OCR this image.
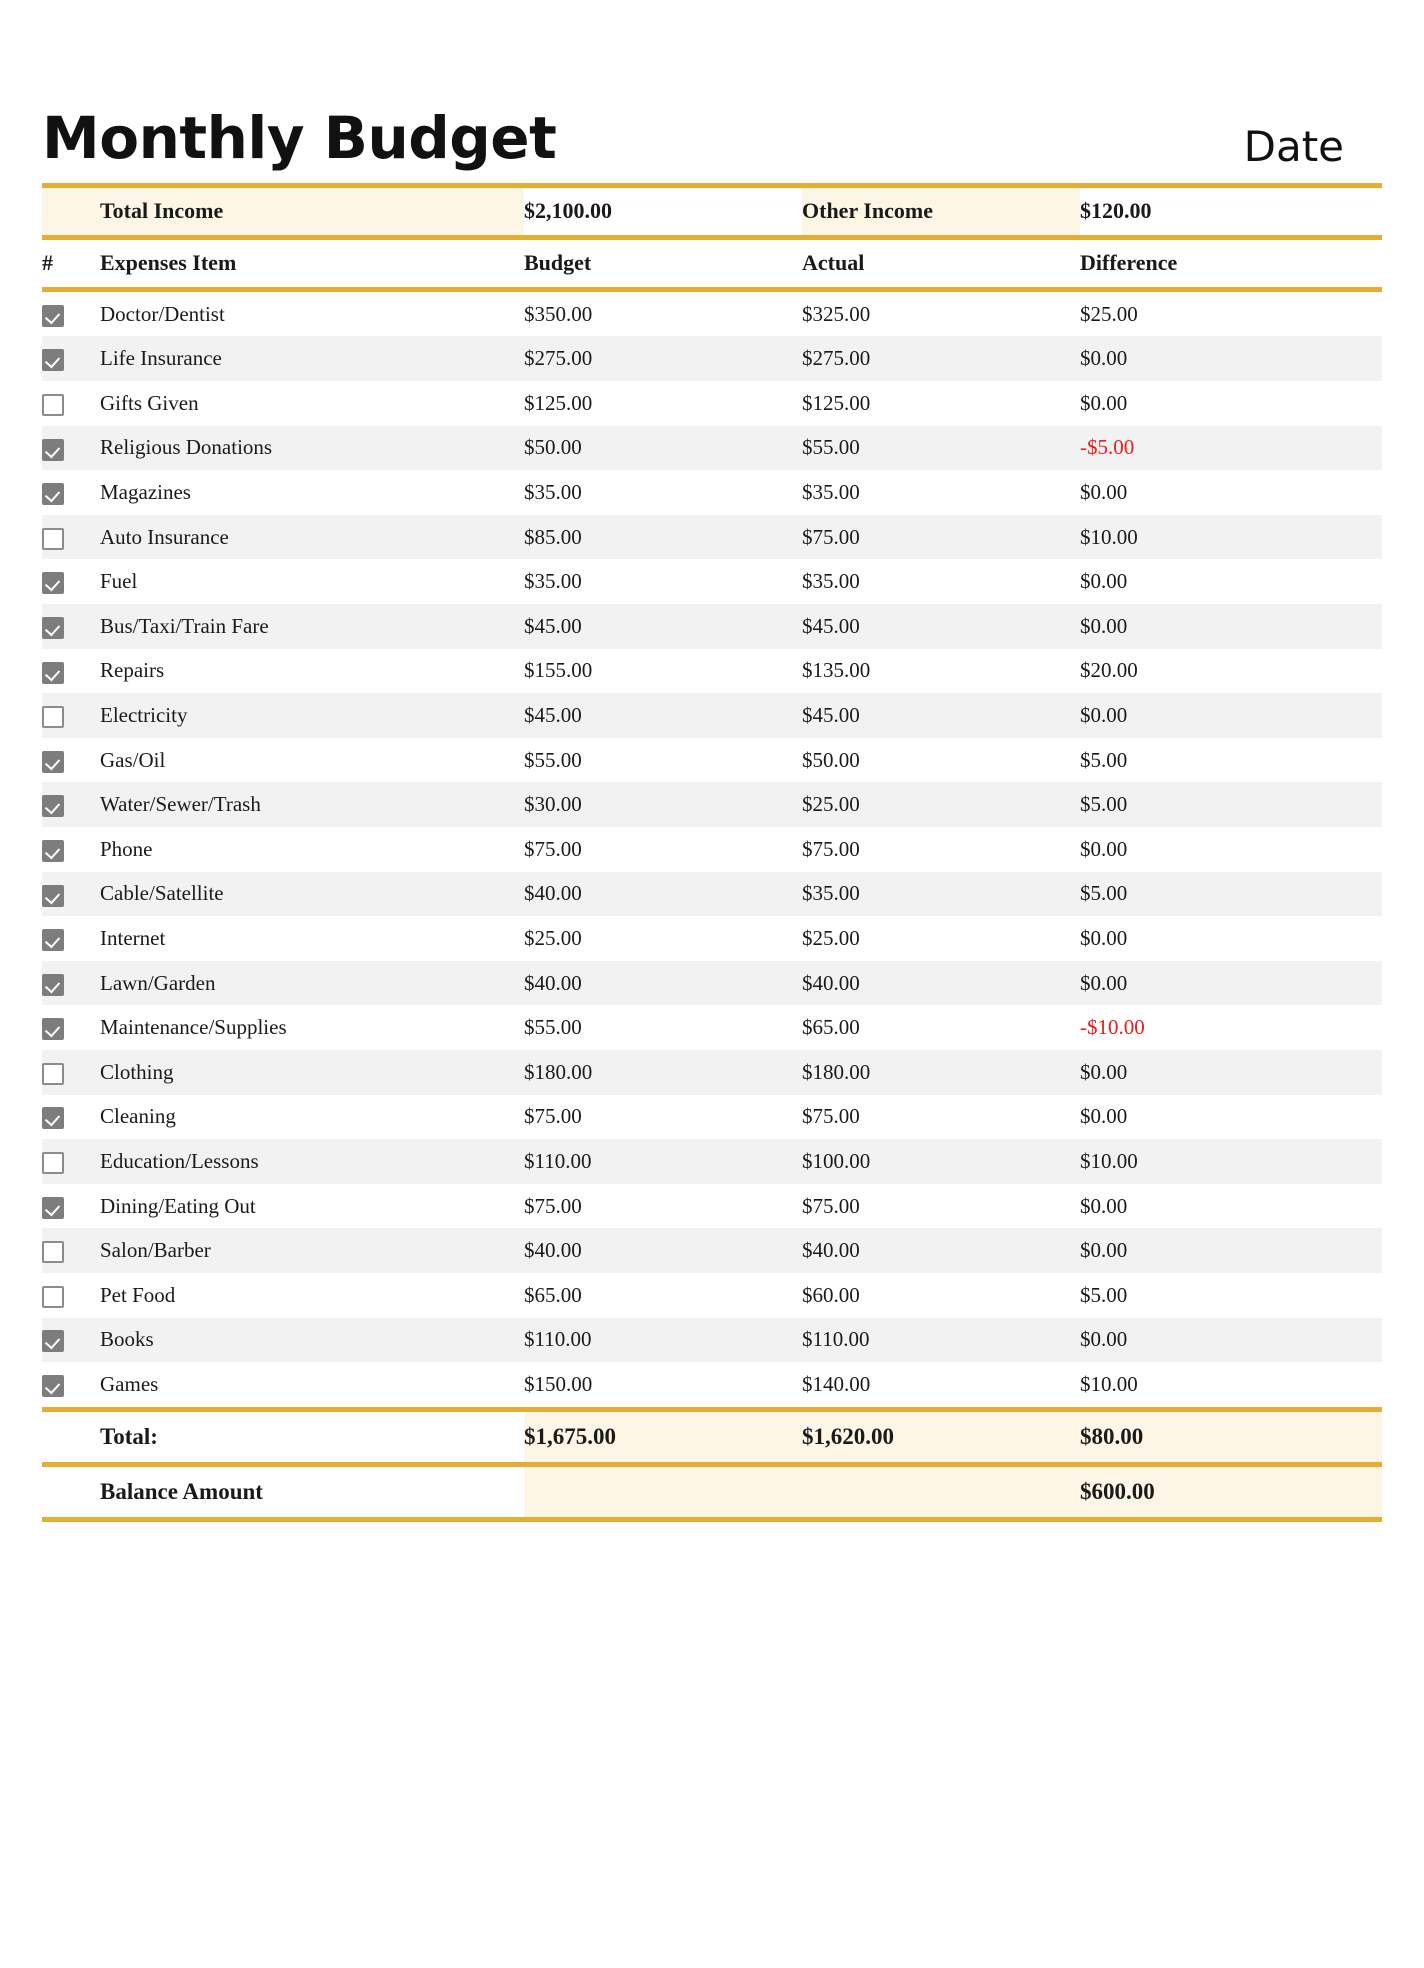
Monthly Budget	Date
	Total Income	$2,100.00	Other Income	$120.00
#	Expenses Item	Budget	Actual	Difference
	Doctor/Dentist	$350.00	$325.00	$25.00
	Life Insurance	$275.00	$275.00	$0.00
	Gifts Given	$125.00	$125.00	$0.00
	Religious Donations	$50.00	$55.00	-$5.00
	Magazines	$35.00	$35.00	$0.00
	Auto Insurance	$85.00	$75.00	$10.00
	Fuel	$35.00	$35.00	$0.00
	Bus/Taxi/Train Fare	$45.00	$45.00	$0.00
	Repairs	$155.00	$135.00	$20.00
	Electricity	$45.00	$45.00	$0.00
	Gas/Oil	$55.00	$50.00	$5.00
	Water/Sewer/Trash	$30.00	$25.00	$5.00
	Phone	$75.00	$75.00	$0.00
	Cable/Satellite	$40.00	$35.00	$5.00
	Internet	$25.00	$25.00	$0.00
	Lawn/Garden	$40.00	$40.00	$0.00
	Maintenance/Supplies	$55.00	$65.00	-$10.00
	Clothing	$180.00	$180.00	$0.00
	Cleaning	$75.00	$75.00	$0.00
	Education/Lessons	$110.00	$100.00	$10.00
	Dining/Eating Out	$75.00	$75.00	$0.00
	Salon/Barber	$40.00	$40.00	$0.00
	Pet Food	$65.00	$60.00	$5.00
	Books	$110.00	$110.00	$0.00
	Games	$150.00	$140.00	$10.00
	Total:	$1,675.00	$1,620.00	$80.00
	Balance Amount			$600.00
